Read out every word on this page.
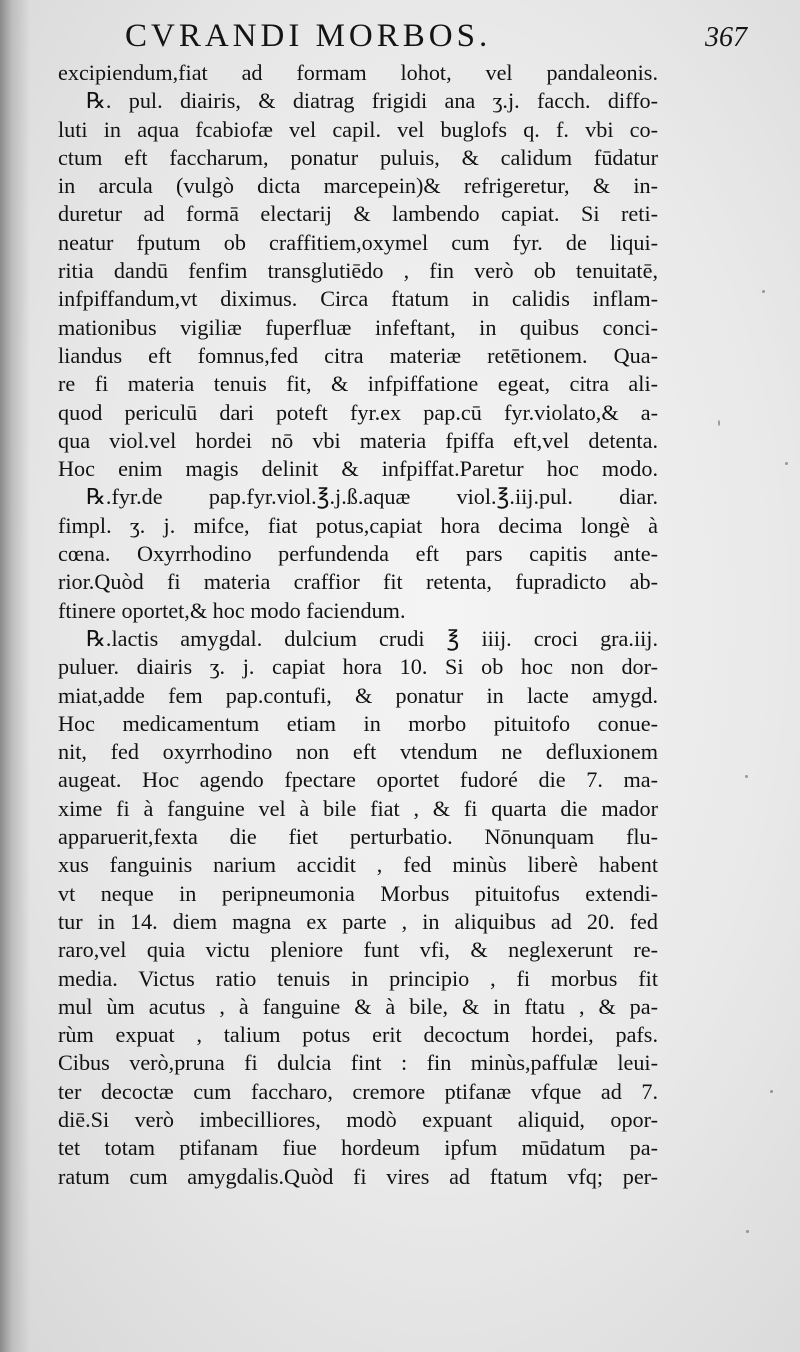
CVRANDI MORBOS.	367
excipiendum,fiat ad formam lohot, vel pandaleonis.
℞. pul. diairis, & diatrag frigidi ana ʒ.j. facch. diffo-
luti in aqua fcabiofæ vel capil. vel buglofs q. f. vbi co-
ctum eft faccharum, ponatur puluis, & calidum fūdatur
in arcula (vulgò dicta marcepein)& refrigeretur, & in-
duretur ad formā electarij & lambendo capiat. Si reti-
neatur fputum ob craffitiem,oxymel cum fyr. de liqui-
ritia dandū fenfim transglutiēdo , fin verò ob tenuitatē,
infpiffandum,vt diximus. Circa ftatum in calidis inflam-
mationibus vigiliæ fuperfluæ infeftant, in quibus conci-
liandus eft fomnus,fed citra materiæ retētionem. Qua-
re fi materia tenuis fit, & infpiffatione egeat, citra ali-
quod periculū dari poteft fyr.ex pap.cū fyr.violato,& a-
qua viol.vel hordei nō vbi materia fpiffa eft,vel detenta.
Hoc enim magis delinit & infpiffat.Paretur hoc modo.
℞.fyr.de pap.fyr.viol.℥.j.ß.aquæ viol.℥.iij.pul. diar.
fimpl. ʒ. j. mifce, fiat potus,capiat hora decima longè à
cœna. Oxyrrhodino perfundenda eft pars capitis ante-
rior.Quòd fi materia craffior fit retenta, fupradicto ab-
ftinere oportet,& hoc modo faciendum.
℞.lactis amygdal. dulcium crudi ℥ iiij. croci gra.iij.
puluer. diairis ʒ. j. capiat hora 10. Si ob hoc non dor-
miat,adde fem pap.contufi, & ponatur in lacte amygd.
Hoc medicamentum etiam in morbo pituitofo conue-
nit, fed oxyrrhodino non eft vtendum ne defluxionem
augeat. Hoc agendo fpectare oportet fudoré die 7. ma-
xime fi à fanguine vel à bile fiat , & fi quarta die mador
apparuerit,fexta die fiet perturbatio. Nōnunquam flu-
xus fanguinis narium accidit , fed minùs liberè habent
vt neque in peripneumonia Morbus pituitofus extendi-
tur in 14. diem magna ex parte , in aliquibus ad 20. fed
raro,vel quia victu pleniore funt vfi, & neglexerunt re-
media. Victus ratio tenuis in principio , fi morbus fit
mul ùm acutus , à fanguine & à bile, & in ftatu , & pa-
rùm expuat , talium potus erit decoctum hordei, pafs.
Cibus verò,pruna fi dulcia fint : fin minùs,paffulæ leui-
ter decoctæ cum faccharo, cremore ptifanæ vfque ad 7.
diē.Si verò imbecilliores, modò expuant aliquid, opor-
tet totam ptifanam fiue hordeum ipfum mūdatum pa-
ratum cum amygdalis.Quòd fi vires ad ftatum vfq; per-
